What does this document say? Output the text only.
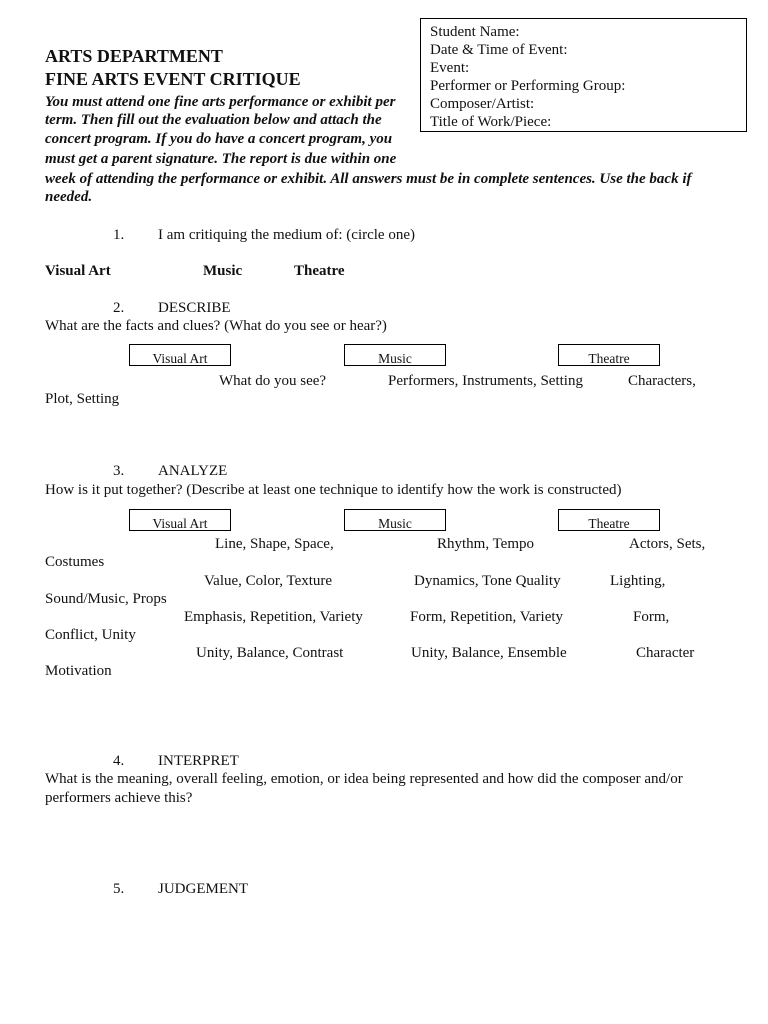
Student Name:
Date & Time of Event:
Event:
Performer or Performing Group:
Composer/Artist:
Title of Work/Piece:
ARTS DEPARTMENT
FINE ARTS EVENT CRITIQUE
You must attend one fine arts performance or exhibit per
term. Then fill out the evaluation below and attach the
concert program. If you do have a concert program, you
must get a parent signature. The report is due within one
week of attending the performance or exhibit. All answers must be in complete sentences. Use the back if
needed.
1. I am critiquing the medium of: (circle one)
Visual Art	Music	Theatre
2. DESCRIBE
What are the facts and clues? (What do you see or hear?)
Visual Art	Music	Theatre
What do you see?	Performers, Instruments, Setting	Characters,
Plot, Setting
3. ANALYZE
How is it put together? (Describe at least one technique to identify how the work is constructed)
Visual Art	Music	Theatre
Line, Shape, Space,	Rhythm, Tempo	Actors, Sets,
Costumes
Value, Color, Texture	Dynamics, Tone Quality	Lighting,
Sound/Music, Props
Emphasis, Repetition, Variety	Form, Repetition, Variety	Form,
Conflict, Unity
Unity, Balance, Contrast	Unity, Balance, Ensemble	Character
Motivation
4. INTERPRET
What is the meaning, overall feeling, emotion, or idea being represented and how did the composer and/or
performers achieve this?
5. JUDGEMENT
